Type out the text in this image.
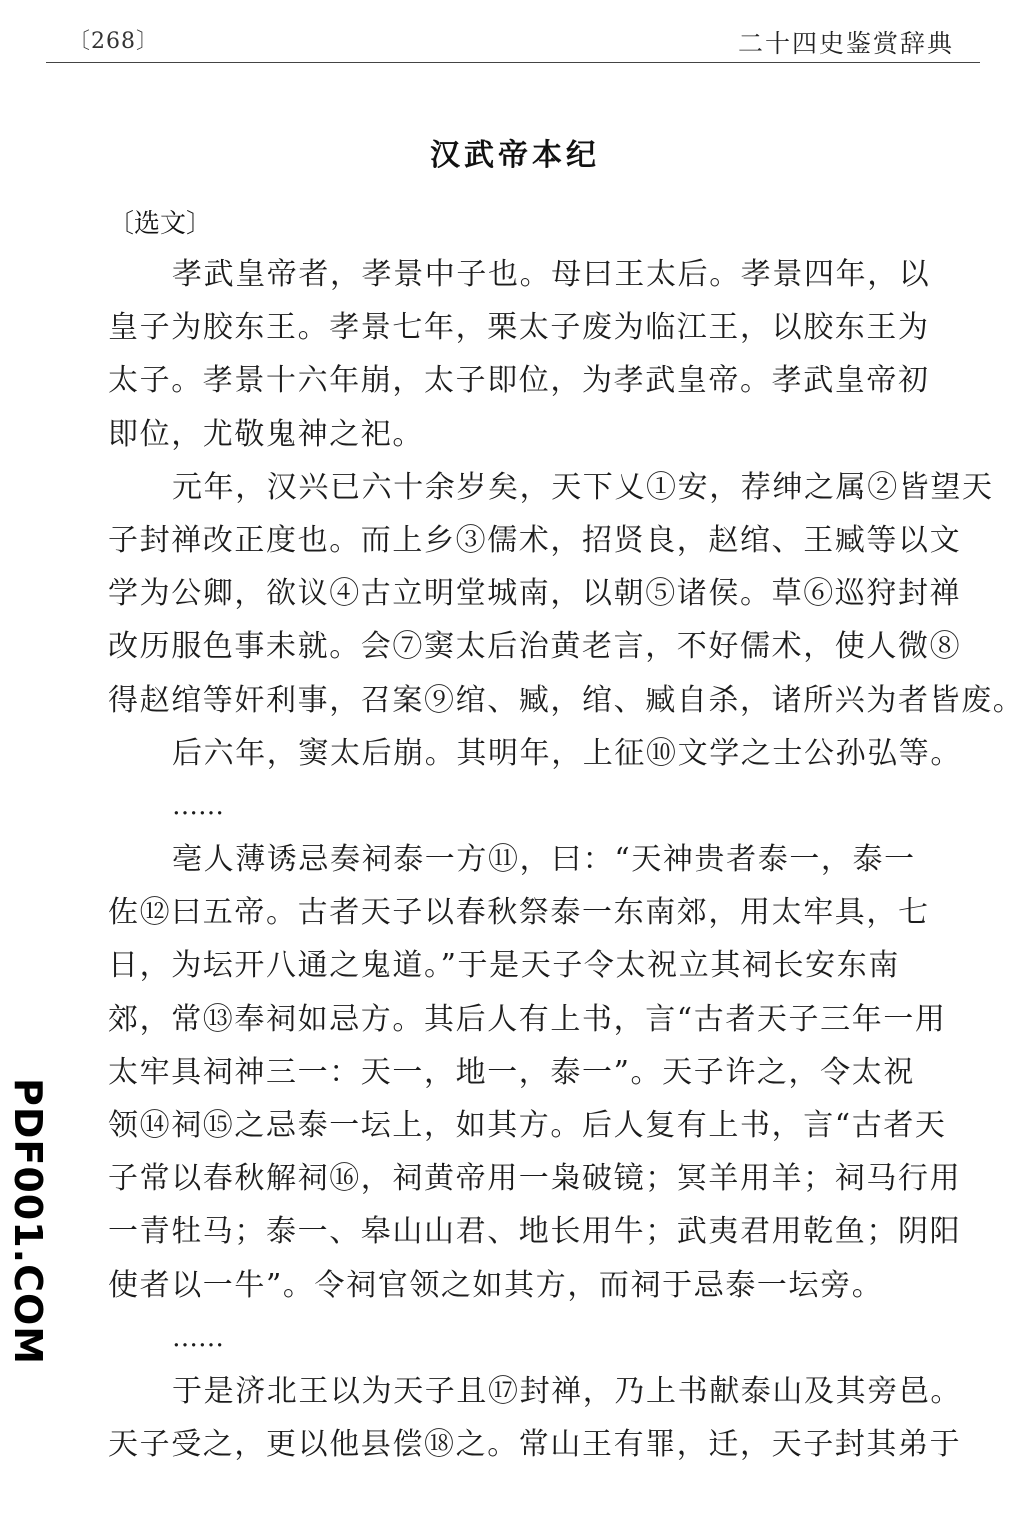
〔268〕	二十四史鉴赏辞典
汉武帝本纪
〔选文〕
孝武皇帝者，孝景中子也。母曰王太后。孝景四年，以
皇子为胶东王。孝景七年，栗太子废为临江王，以胶东王为
太子。孝景十六年崩，太子即位，为孝武皇帝。孝武皇帝初
即位，尤敬鬼神之祀。
元年，汉兴已六十余岁矣，天下乂①安，荐绅之属②皆望天
子封禅改正度也。而上乡③儒术，招贤良，赵绾、王臧等以文
学为公卿，欲议④古立明堂城南，以朝⑤诸侯。草⑥巡狩封禅
改历服色事未就。会⑦窦太后治黄老言，不好儒术，使人微⑧
得赵绾等奸利事，召案⑨绾、臧，绾、臧自杀，诸所兴为者皆废。
后六年，窦太后崩。其明年，上征⑩文学之士公孙弘等。
……
亳人薄诱忌奏祠泰一方⑪，曰：“天神贵者泰一，泰一
佐⑫曰五帝。古者天子以春秋祭泰一东南郊，用太牢具，七
日，为坛开八通之鬼道。”于是天子令太祝立其祠长安东南
郊，常⑬奉祠如忌方。其后人有上书，言“古者天子三年一用
太牢具祠神三一：天一，地一，泰一”。天子许之，令太祝
领⑭祠⑮之忌泰一坛上，如其方。后人复有上书，言“古者天
子常以春秋解祠⑯，祠黄帝用一枭破镜；冥羊用羊；祠马行用
一青牡马；泰一、皋山山君、地长用牛；武夷君用乾鱼；阴阳
使者以一牛”。令祠官领之如其方，而祠于忌泰一坛旁。
……
于是济北王以为天子且⑰封禅，乃上书献泰山及其旁邑。
天子受之，更以他县偿⑱之。常山王有罪，迁，天子封其弟于
PDF001.COM
